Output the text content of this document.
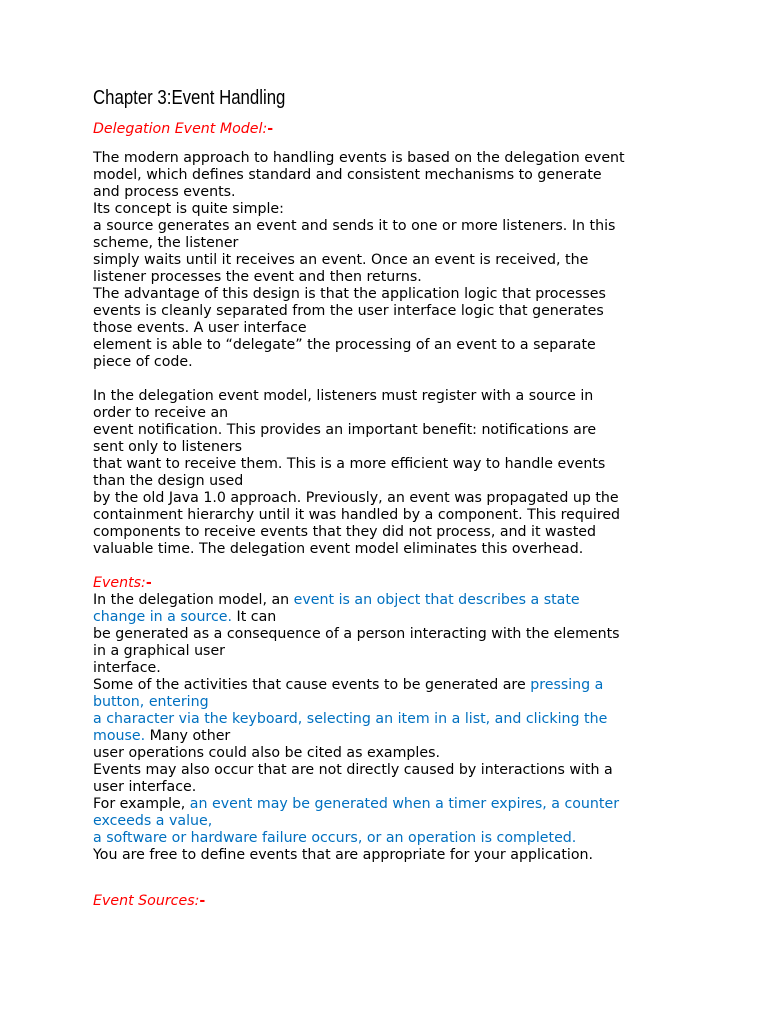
Chapter 3:Event Handling

Delegation Event Model:-

The modern approach to handling events is based on the delegation event

model, which defines standard and consistent mechanisms to generate

and process events.

Its concept is quite simple:

a source generates an event and sends it to one or more listeners. In this

scheme, the listener

simply waits until it receives an event. Once an event is received, the

listener processes the event and then returns.

The advantage of this design is that the application logic that processes

events is cleanly separated from the user interface logic that generates

those events. A user interface

element is able to “delegate” the processing of an event to a separate

piece of code.

In the delegation event model, listeners must register with a source in

order to receive an

event notification. This provides an important benefit: notifications are

sent only to listeners

that want to receive them. This is a more efficient way to handle events

than the design used

by the old Java 1.0 approach. Previously, an event was propagated up the

containment hierarchy until it was handled by a component. This required

components to receive events that they did not process, and it wasted

valuable time. The delegation event model eliminates this overhead.

Events:-

In the delegation model, an event is an object that describes a state

change in a source. It can

be generated as a consequence of a person interacting with the elements

in a graphical user

interface.

Some of the activities that cause events to be generated are pressing a

button, entering

a character via the keyboard, selecting an item in a list, and clicking the

mouse. Many other

user operations could also be cited as examples.

Events may also occur that are not directly caused by interactions with a

user interface.

For example, an event may be generated when a timer expires, a counter

exceeds a value,

a software or hardware failure occurs, or an operation is completed.

You are free to define events that are appropriate for your application.

Event Sources:-
